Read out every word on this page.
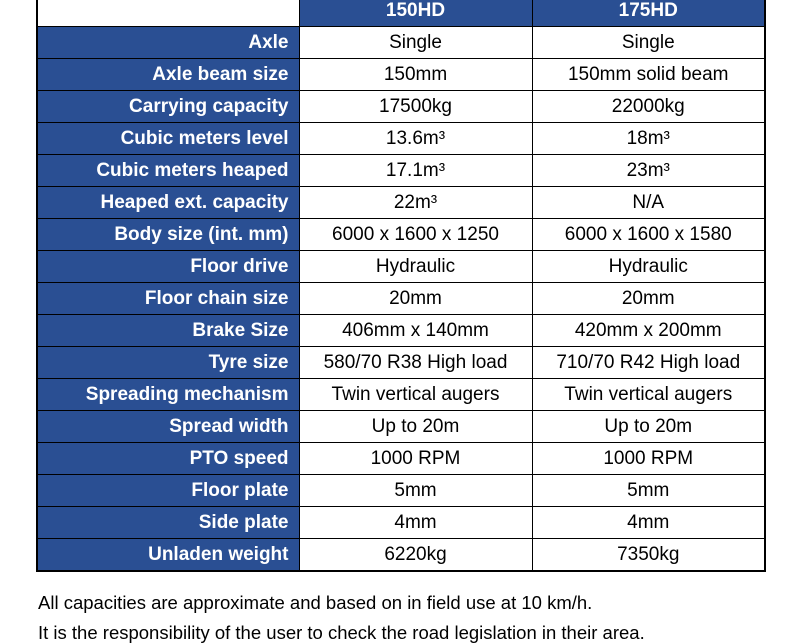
	150HD	175HD
Axle	Single	Single
Axle beam size	150mm	150mm solid beam
Carrying capacity	17500kg	22000kg
Cubic meters level	13.6m³	18m³
Cubic meters heaped	17.1m³	23m³
Heaped ext. capacity	22m³	N/A
Body size (int. mm)	6000 x 1600 x 1250	6000 x 1600 x 1580
Floor drive	Hydraulic	Hydraulic
Floor chain size	20mm	20mm
Brake Size	406mm x 140mm	420mm x 200mm
Tyre size	580/70 R38 High load	710/70 R42 High load
Spreading mechanism	Twin vertical augers	Twin vertical augers
Spread width	Up to 20m	Up to 20m
PTO speed	1000 RPM	1000 RPM
Floor plate	5mm	5mm
Side plate	4mm	4mm
Unladen weight	6220kg	7350kg

All capacities are approximate and based on in field use at 10 km/h.

It is the responsibility of the user to check the road legislation in their area.
